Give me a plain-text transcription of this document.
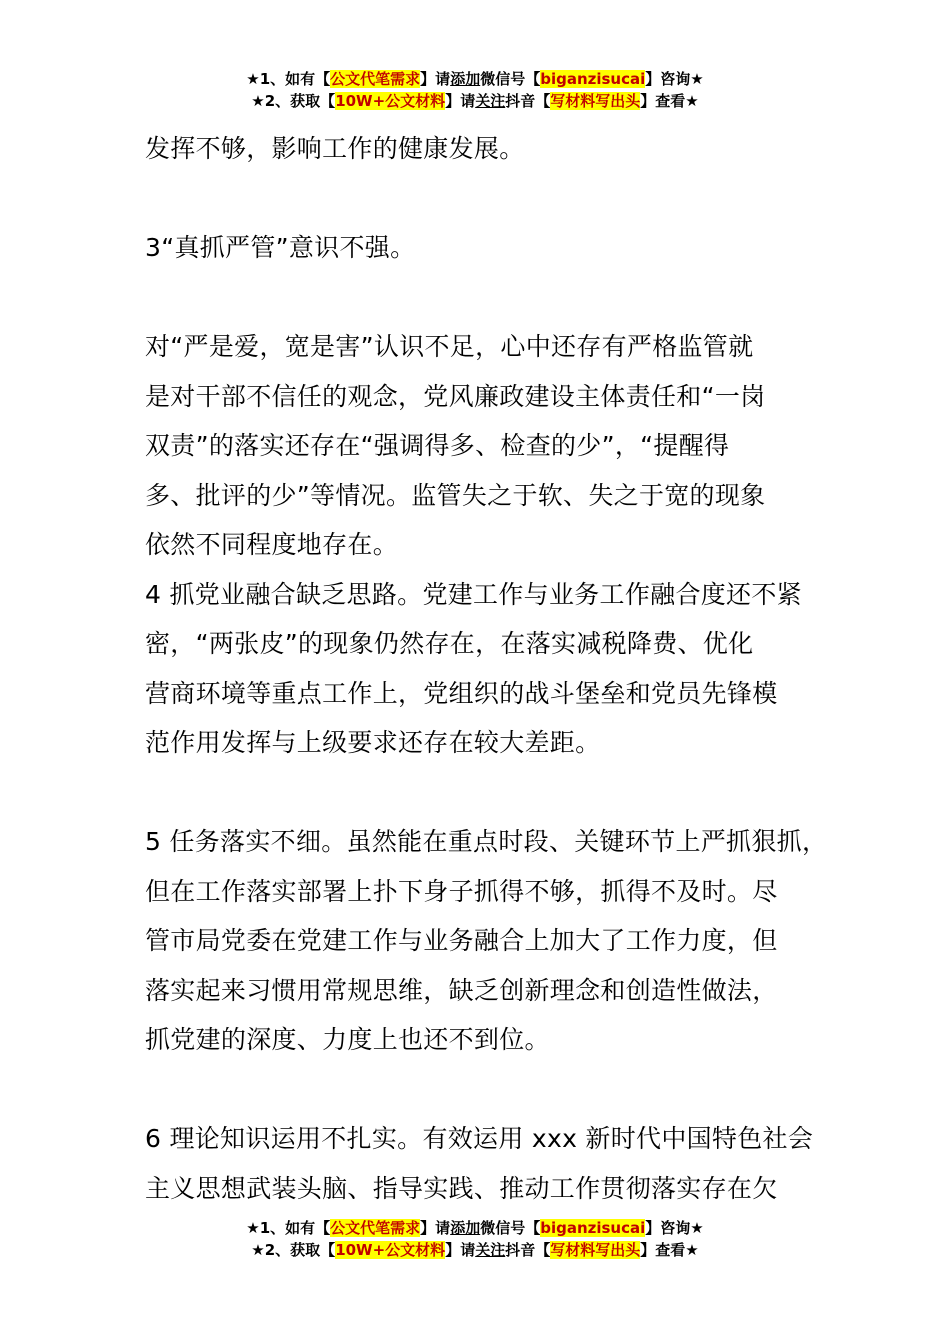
★1、如有【公文代笔需求】请添加微信号【biganzisucai】咨询★
★2、获取【10W+公文材料】请关注抖音【写材料写出头】查看★

发挥不够，影响工作的健康发展。

3“真抓严管”意识不强。

对“严是爱，宽是害”认识不足，心中还存有严格监管就

是对干部不信任的观念，党风廉政建设主体责任和“一岗

双责”的落实还存在“强调得多、检查的少”，“提醒得

多、批评的少”等情况。监管失之于软、失之于宽的现象

依然不同程度地存在。

4 抓党业融合缺乏思路。党建工作与业务工作融合度还不紧

密，“两张皮”的现象仍然存在，在落实减税降费、优化

营商环境等重点工作上，党组织的战斗堡垒和党员先锋模

范作用发挥与上级要求还存在较大差距。

5 任务落实不细。虽然能在重点时段、关键环节上严抓狠抓，

但在工作落实部署上扑下身子抓得不够，抓得不及时。尽

管市局党委在党建工作与业务融合上加大了工作力度，但

落实起来习惯用常规思维，缺乏创新理念和创造性做法，

抓党建的深度、力度上也还不到位。

6 理论知识运用不扎实。有效运用 xxx 新时代中国特色社会

主义思想武装头脑、指导实践、推动工作贯彻落实存在欠

★1、如有【公文代笔需求】请添加微信号【biganzisucai】咨询★
★2、获取【10W+公文材料】请关注抖音【写材料写出头】查看★
